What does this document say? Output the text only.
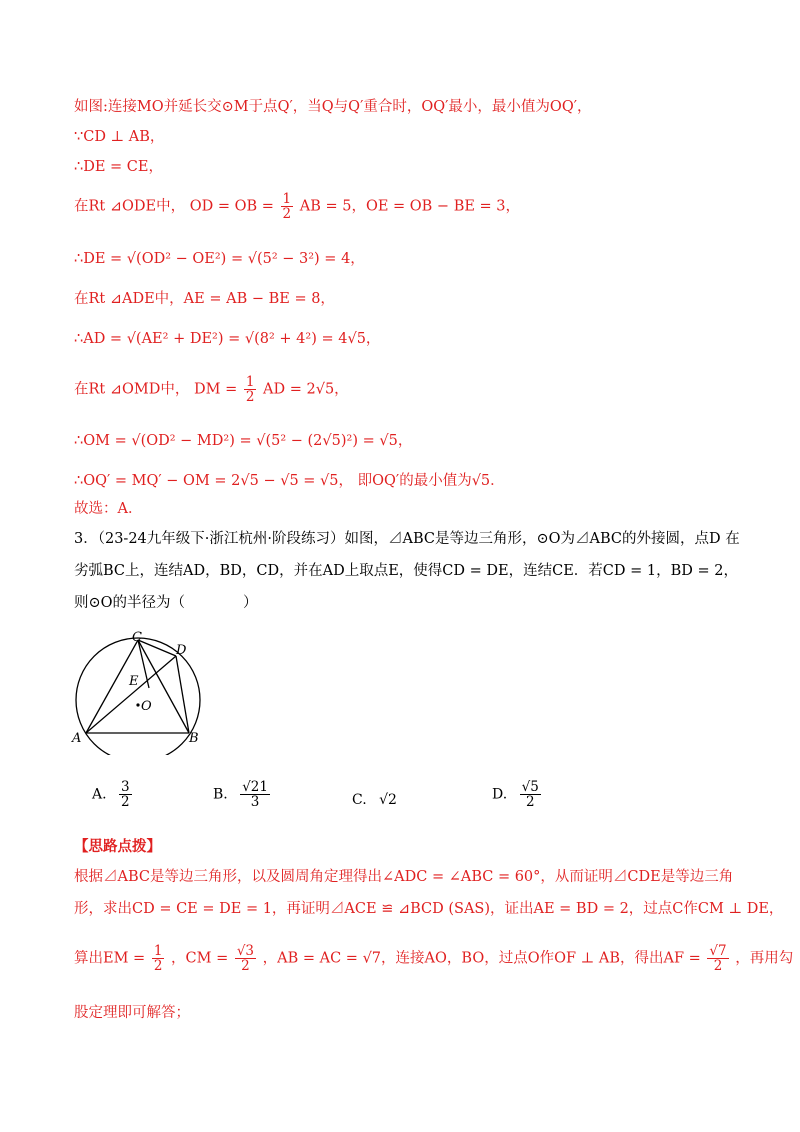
如图:连接MO并延长交⊙M于点Q′，当Q与Q′重合时，OQ′最小，最小值为OQ′，
∵CD ⊥ AB，
∴DE = CE，
在Rt ⊿ODE中， OD = OB = $\frac{1}{2}$ AB = 5，OE = OB − BE = 3，
∴DE = √(OD² − OE²) = √(5² − 3²) = 4，
在Rt ⊿ADE中，AE = AB − BE = 8，
∴AD = √(AE² + DE²) = √(8² + 4²) = 4√5，
在Rt ⊿OMD中， DM = $\frac{1}{2}$ AD = 2√5，
∴OM = √(OD² − MD²) = √(5² − (2√5)²) = √5，
∴OQ′ = MQ′ − OM = 2√5 − √5 = √5， 即OQ′的最小值为√5．
故选：A．
3．（23-24九年级下·浙江杭州·阶段练习）如图，⊿ABC是等边三角形，⊙O为⊿ABC的外接圆，点D 在
劣弧BC上，连结AD，BD，CD，并在AD上取点E，使得CD = DE，连结CE．若CD = 1，BD = 2，
则⊙O的半径为（　　　　）
C
D
E
O
A	B
A. $\frac{3}{2}$	B. $\frac{√21}{3}$	C. √2	D. $\frac{√5}{2}$
【思路点拨】
根据⊿ABC是等边三角形，以及圆周角定理得出∠ADC = ∠ABC = 60°，从而证明⊿CDE是等边三角
形，求出CD = CE = DE = 1，再证明⊿ACE ≌ ⊿BCD (SAS)，证出AE = BD = 2，过点C作CM ⊥ DE，
算出EM = $\frac{1}{2}$ ，CM = $\frac{√3}{2}$ ，AB = AC = √7，连接AO，BO，过点O作OF ⊥ AB，得出AF = $\frac{√7}{2}$ ，再用勾
股定理即可解答；
